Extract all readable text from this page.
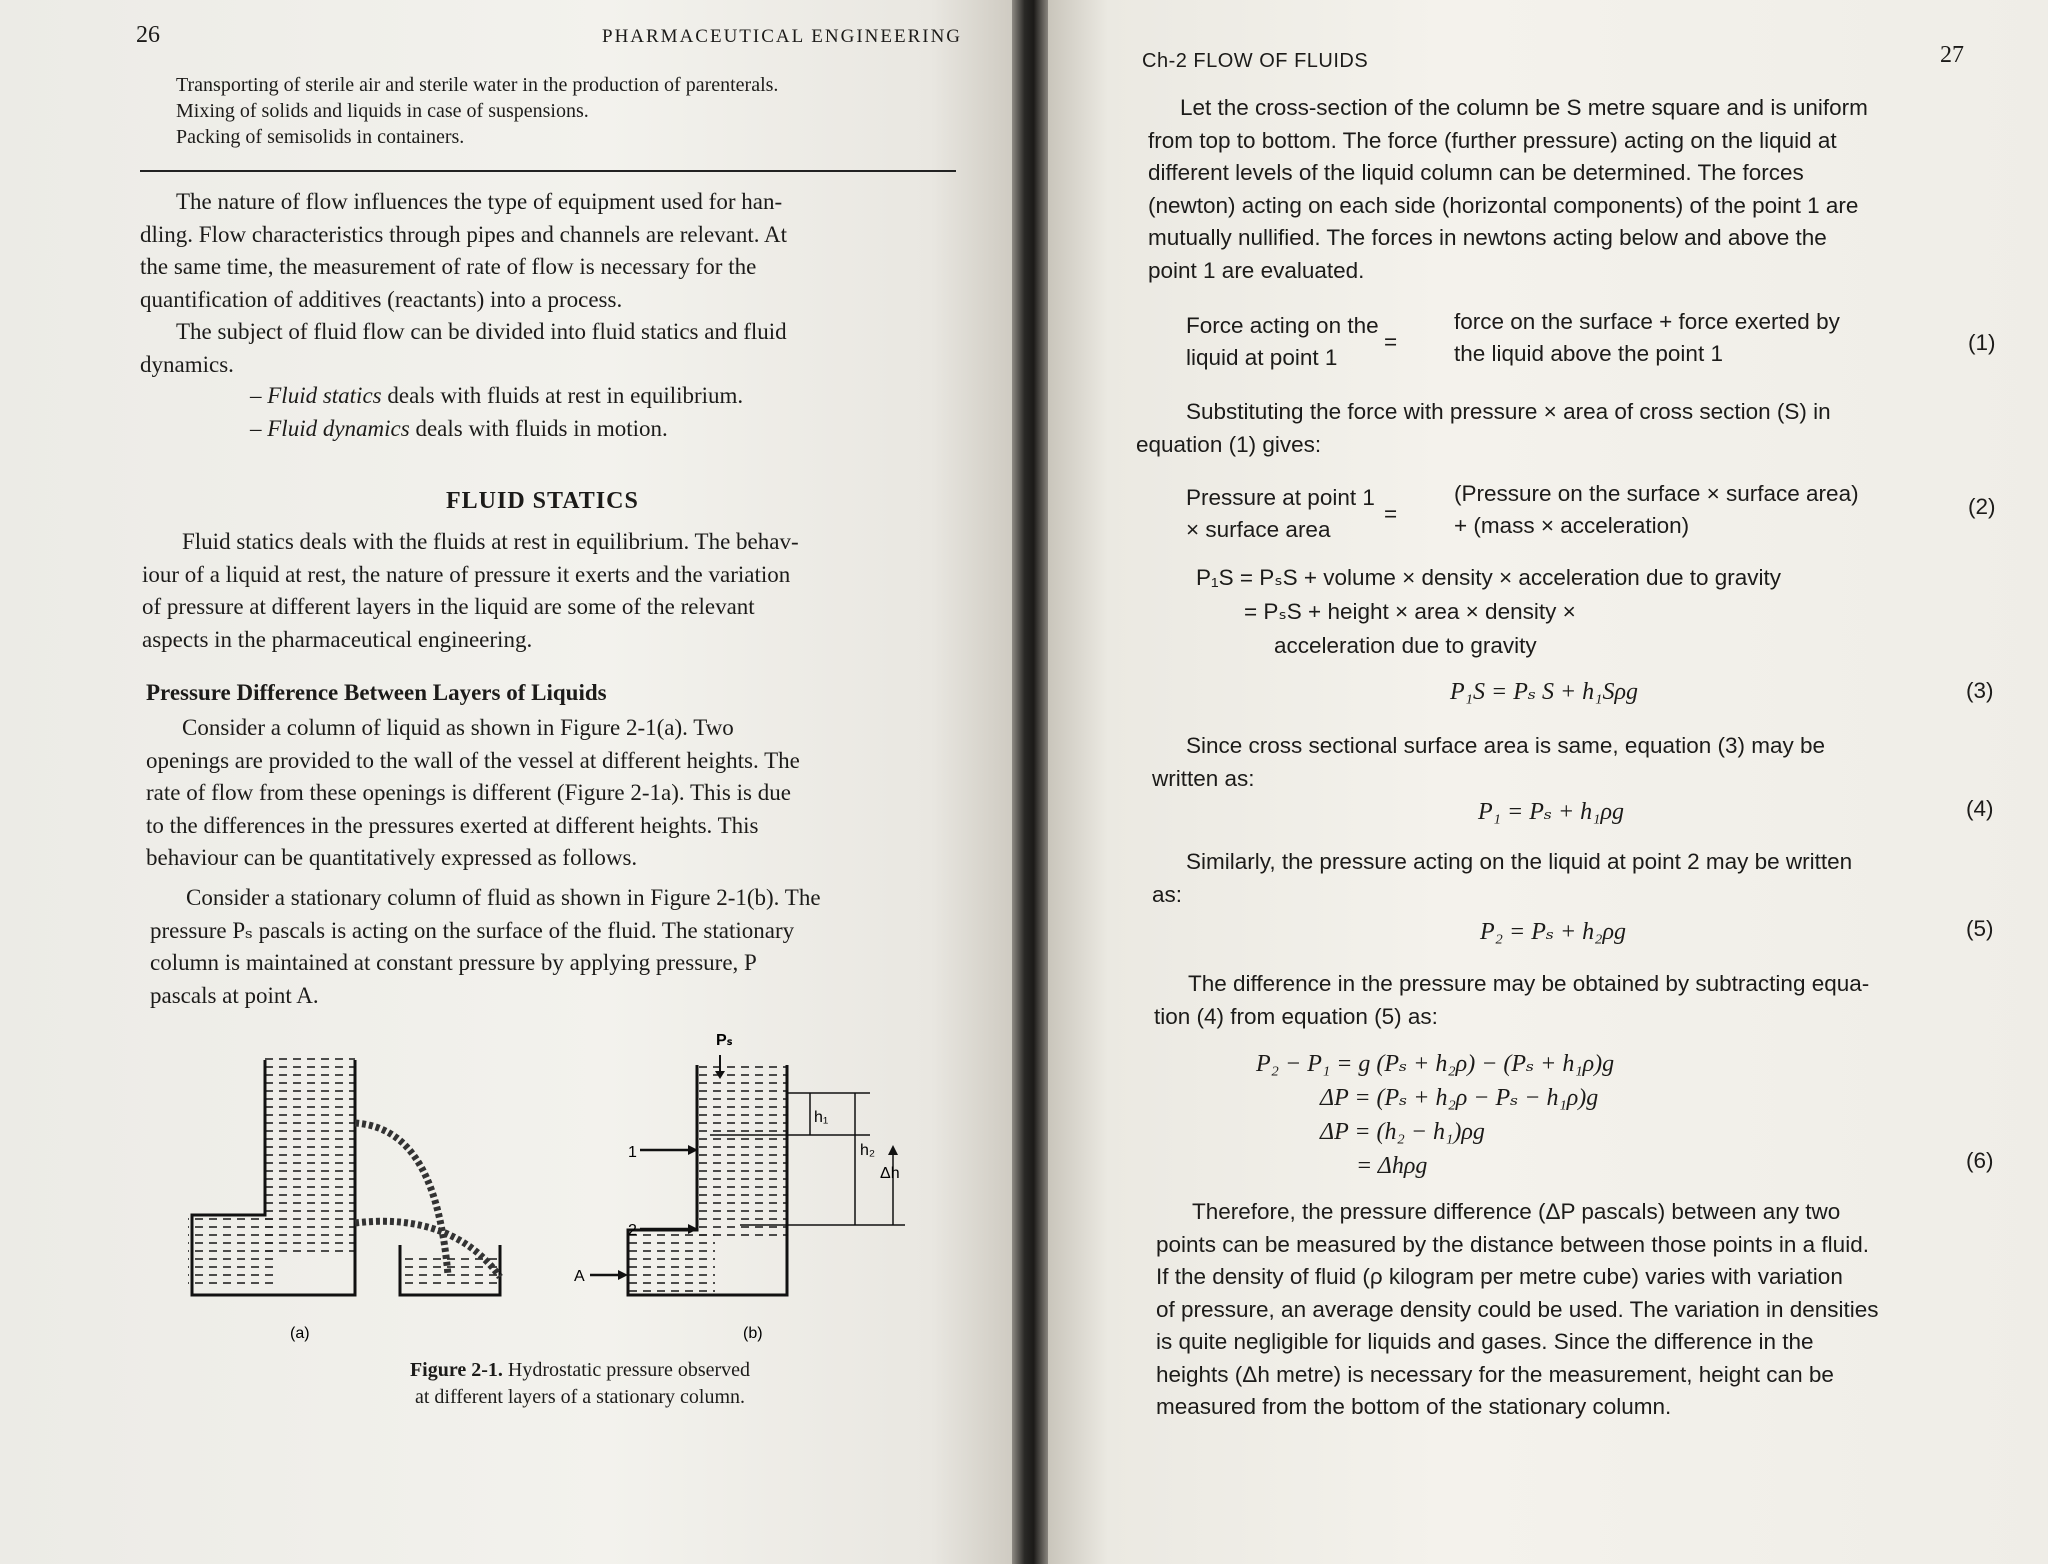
26	PHARMACEUTICAL ENGINEERING
Transporting of sterile air and sterile water in the production of parenterals.
Mixing of solids and liquids in case of suspensions.
Packing of semisolids in containers.
The nature of flow influences the type of equipment used for han-
dling. Flow characteristics through pipes and channels are relevant. At
the same time, the measurement of rate of flow is necessary for the
quantification of additives (reactants) into a process.
The subject of fluid flow can be divided into fluid statics and fluid
dynamics.
– Fluid statics deals with fluids at rest in equilibrium.
– Fluid dynamics deals with fluids in motion.
FLUID STATICS
Fluid statics deals with the fluids at rest in equilibrium. The behav-
iour of a liquid at rest, the nature of pressure it exerts and the variation
of pressure at different layers in the liquid are some of the relevant
aspects in the pharmaceutical engineering.
Pressure Difference Between Layers of Liquids
Consider a column of liquid as shown in Figure 2-1(a). Two
openings are provided to the wall of the vessel at different heights. The
rate of flow from these openings is different (Figure 2-1a). This is due
to the differences in the pressures exerted at different heights. This
behaviour can be quantitatively expressed as follows.
Consider a stationary column of fluid as shown in Figure 2-1(b). The
pressure Pₛ pascals is acting on the surface of the fluid. The stationary
column is maintained at constant pressure by applying pressure, P
pascals at point A.
Pₛ
h₁
h₂
Δh
1
2
A
(a)	(b)
Figure 2-1. Hydrostatic pressure observed
at different layers of a stationary column.
Ch-2 FLOW OF FLUIDS	27
Let the cross-section of the column be S metre square and is uniform
from top to bottom. The force (further pressure) acting on the liquid at
different levels of the liquid column can be determined. The forces
(newton) acting on each side (horizontal components) of the point 1 are
mutually nullified. The forces in newtons acting below and above the
point 1 are evaluated.
Force acting on the
liquid at point 1
=
force on the surface + force exerted by
the liquid above the point 1	(1)
Substituting the force with pressure × area of cross section (S) in
equation (1) gives:
Pressure at point 1
× surface area
=
(Pressure on the surface × surface area)
+ (mass × acceleration)
(2)
P₁S = PₛS + volume × density × acceleration due to gravity
= PₛS + height × area × density ×
acceleration due to gravity
P₁S = Pₛ S + h₁Sρg	(3)
Since cross sectional surface area is same, equation (3) may be
written as:
P₁ = Pₛ + h₁ρg	(4)
Similarly, the pressure acting on the liquid at point 2 may be written
as:
P₂ = Pₛ + h₂ρg	(5)
The difference in the pressure may be obtained by subtracting equa-
tion (4) from equation (5) as:
P₂ − P₁ = g (Pₛ + h₂ρ) − (Pₛ + h₁ρ)g
ΔP = (Pₛ + h₂ρ − Pₛ − h₁ρ)g
ΔP = (h₂ − h₁)ρg
= Δhρg	(6)
Therefore, the pressure difference (ΔP pascals) between any two
points can be measured by the distance between those points in a fluid.
If the density of fluid (ρ kilogram per metre cube) varies with variation
of pressure, an average density could be used. The variation in densities
is quite negligible for liquids and gases. Since the difference in the
heights (Δh metre) is necessary for the measurement, height can be
measured from the bottom of the stationary column.
